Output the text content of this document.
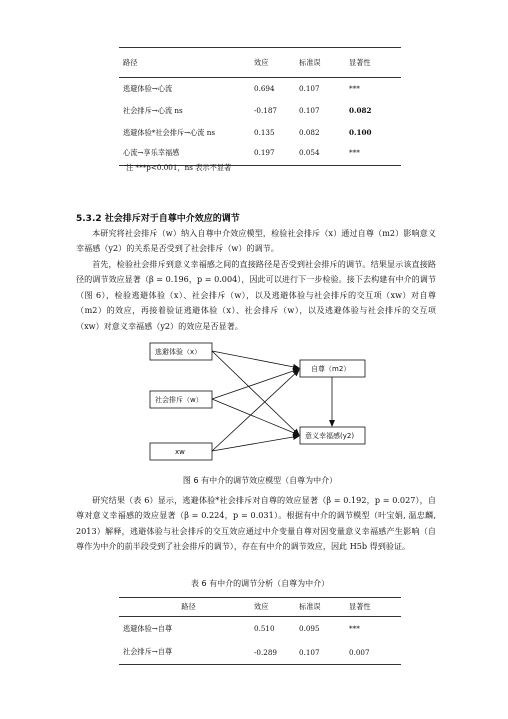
路径	效应	标准误	显著性
逃避体验→心流	0.694	0.107	***
社会排斥→心流 ns	-0.187	0.107	0.082
逃避体验*社会排斥→心流 ns	0.135	0.082	0.100
心流→享乐幸福感	0.197	0.054	***
注 ***p<0.001，ns 表示不显著
5.3.2 社会排斥对于自尊中介效应的调节

本研究将社会排斥（w）纳入自尊中介效应模型，检验社会排斥（x）通过自尊（m2）影响意义幸福感（y2）的关系是否受到了社会排斥（w）的调节。

首先，检验社会排斥到意义幸福感之间的直接路径是否受到社会排斥的调节。结果显示该直接路径的调节效应显著（β = 0.196，p = 0.004），因此可以进行下一步检验。接下去构建有中介的调节（图 6），检验逃避体验（x）、社会排斥（w），以及逃避体验与社会排斥的交互项（xw）对自尊（m2）的效应，再接着验证逃避体验（x）、社会排斥（w），以及逃避体验与社会排斥的交互项（xw）对意义幸福感（y2）的效应是否显著。

逃避体验（x）
社会排斥（w）
xw
自尊（m2）
意义幸福感(y2)
图 6 有中介的调节效应模型（自尊为中介）

研究结果（表 6）显示，逃避体验*社会排斥对自尊的效应显著（β = 0.192，p = 0.027），自尊对意义幸福感的效应显著（β = 0.224，p = 0.031）。根据有中介的调节模型（叶宝娟, 温忠麟, 2013）解释，逃避体验与社会排斥的交互效应通过中介变量自尊对因变量意义幸福感产生影响（自尊作为中介的前半段受到了社会排斥的调节），存在有中介的调节效应，因此 H5b 得到验证。

表 6 有中介的调节分析（自尊为中介）
路径	效应	标准误	显著性
逃避体验→自尊	0.510	0.095	***
社会排斥→自尊	-0.289	0.107	0.007
